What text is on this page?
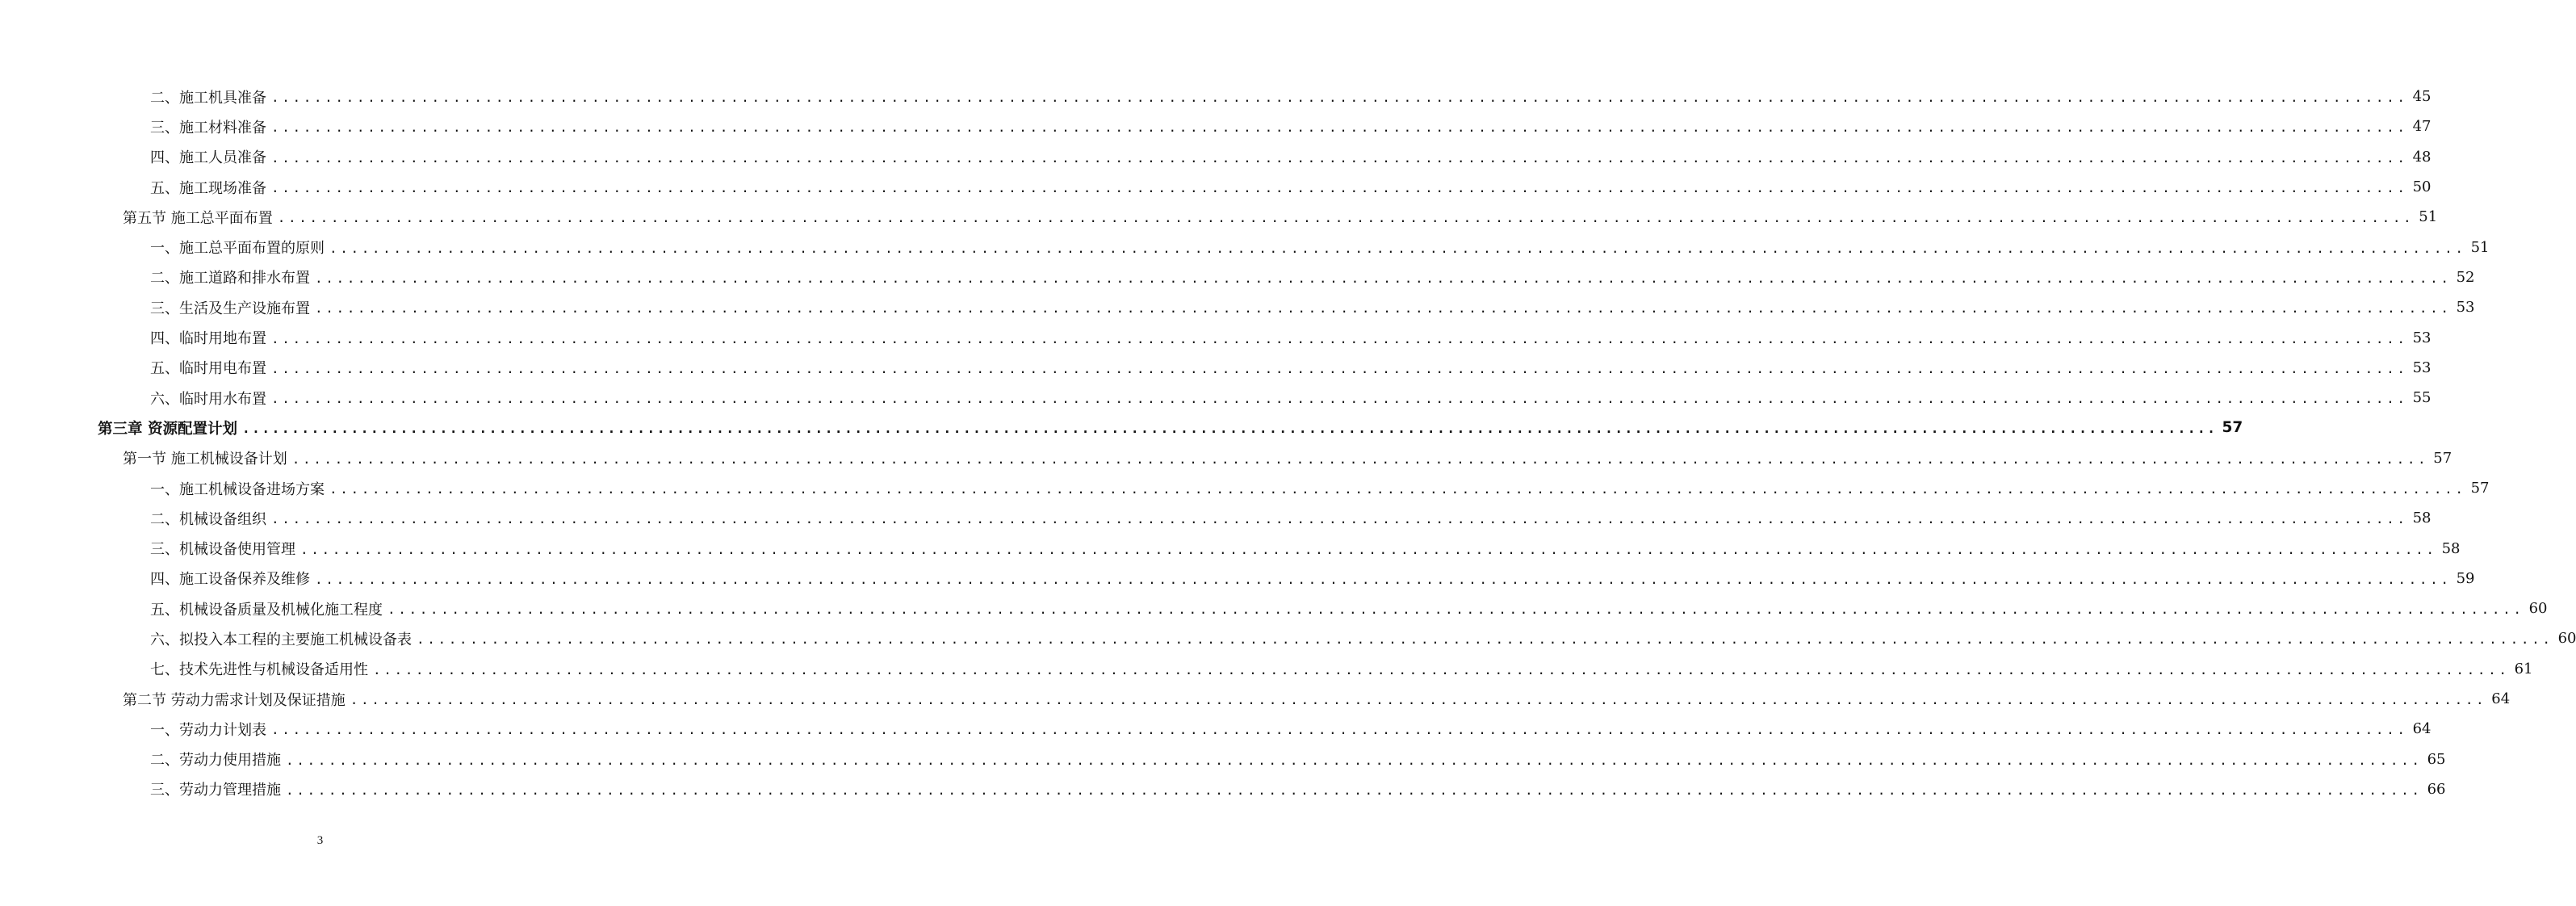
二、施工机具准备 ........................................................................................................................................................................................................ 45
三、施工材料准备 ........................................................................................................................................................................................................ 47
四、施工人员准备 ........................................................................................................................................................................................................ 48
五、施工现场准备 ........................................................................................................................................................................................................ 50
第五节 施工总平面布置 ........................................................................................................................................................................................................ 51
一、施工总平面布置的原则 ........................................................................................................................................................................................................ 51
二、施工道路和排水布置 ........................................................................................................................................................................................................ 52
三、生活及生产设施布置 ........................................................................................................................................................................................................ 53
四、临时用地布置 ........................................................................................................................................................................................................ 53
五、临时用电布置 ........................................................................................................................................................................................................ 53
六、临时用水布置 ........................................................................................................................................................................................................ 55
第三章 资源配置计划 ........................................................................................................................................................................................................ 57
第一节 施工机械设备计划 ........................................................................................................................................................................................................ 57
一、施工机械设备进场方案 ........................................................................................................................................................................................................ 57
二、机械设备组织 ........................................................................................................................................................................................................ 58
三、机械设备使用管理 ........................................................................................................................................................................................................ 58
四、施工设备保养及维修 ........................................................................................................................................................................................................ 59
五、机械设备质量及机械化施工程度 ........................................................................................................................................................................................................ 60
六、拟投入本工程的主要施工机械设备表 ........................................................................................................................................................................................................ 60
七、技术先进性与机械设备适用性 ........................................................................................................................................................................................................ 61
第二节 劳动力需求计划及保证措施 ........................................................................................................................................................................................................ 64
一、劳动力计划表 ........................................................................................................................................................................................................ 64
二、劳动力使用措施 ........................................................................................................................................................................................................ 65
三、劳动力管理措施 ........................................................................................................................................................................................................ 66
3
